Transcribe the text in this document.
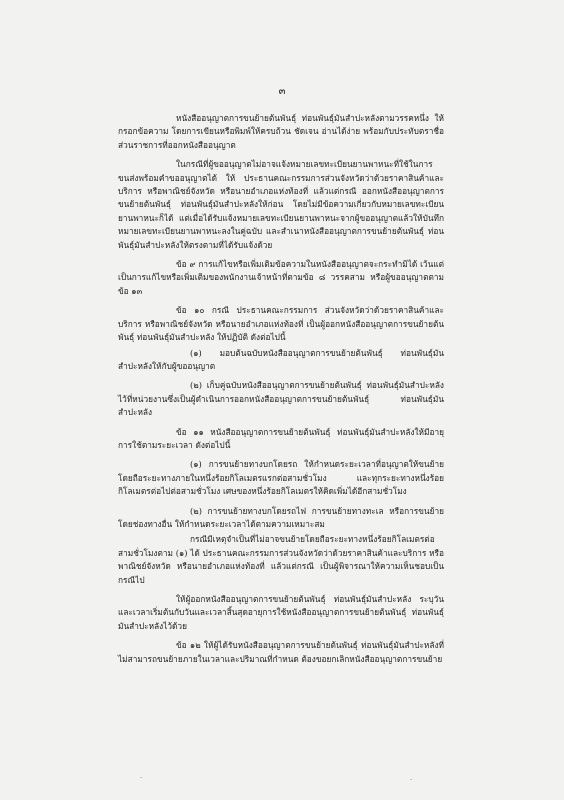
๓

หนังสืออนุญาตการขนย้ายต้นพันธุ์ ท่อนพันธุ์มันสำปะหลังตามวรรคหนึ่ง ให้กรอกข้อความ โดยการเขียนหรือพิมพ์ให้ครบถ้วน ชัดเจน อ่านได้ง่าย พร้อมกับประทับตราชื่อส่วนราชการที่ออกหนังสืออนุญาต

ในกรณีที่ผู้ขออนุญาตไม่อาจแจ้งหมายเลขทะเบียนยานพาหนะที่ใช้ในการขนส่งพร้อมคำขออนุญาตได้ ให้ ประธานคณะกรรมการส่วนจังหวัดว่าด้วยราคาสินค้าและบริการ หรือพาณิชย์จังหวัด หรือนายอำเภอแห่งท้องที่ แล้วแต่กรณี ออกหนังสืออนุญาตการขนย้ายต้นพันธุ์ ท่อนพันธุ์มันสำปะหลังให้ก่อน โดยไม่มีข้อความเกี่ยวกับหมายเลขทะเบียนยานพาหนะก็ได้ แต่เมื่อได้รับแจ้งหมายเลขทะเบียนยานพาหนะจากผู้ขออนุญาตแล้วให้บันทึกหมายเลขทะเบียนยานพาหนะลงในคู่ฉบับ และสำเนาหนังสืออนุญาตการขนย้ายต้นพันธุ์ ท่อนพันธุ์มันสำปะหลังให้ตรงตามที่ได้รับแจ้งด้วย

ข้อ ๙ การแก้ไขหรือเพิ่มเติมข้อความในหนังสืออนุญาตจะกระทำมิได้ เว้นแต่เป็นการแก้ไขหรือเพิ่มเติมของพนักงานเจ้าหน้าที่ตามข้อ ๘ วรรคสาม หรือผู้ขออนุญาตตามข้อ ๑๓

ข้อ ๑๐ กรณี ประธานคณะกรรมการ ส่วนจังหวัดว่าด้วยราคาสินค้าและบริการ หรือพาณิชย์จังหวัด หรือนายอำเภอแห่งท้องที่ เป็นผู้ออกหนังสืออนุญาตการขนย้ายต้นพันธุ์ ท่อนพันธุ์มันสำปะหลัง ให้ปฏิบัติ ดังต่อไปนี้

(๑) มอบต้นฉบับหนังสืออนุญาตการขนย้ายต้นพันธุ์ ท่อนพันธุ์มันสำปะหลังให้กับผู้ขออนุญาต

(๒) เก็บคู่ฉบับหนังสืออนุญาตการขนย้ายต้นพันธุ์ ท่อนพันธุ์มันสำปะหลัง ไว้ที่หน่วยงานซึ่งเป็นผู้ดำเนินการออกหนังสืออนุญาตการขนย้ายต้นพันธุ์ ท่อนพันธุ์มันสำปะหลัง

ข้อ ๑๑ หนังสืออนุญาตการขนย้ายต้นพันธุ์ ท่อนพันธุ์มันสำปะหลังให้มีอายุการใช้ตามระยะเวลา ดังต่อไปนี้

(๑) การขนย้ายทางบกโดยรถ ให้กำหนดระยะเวลาที่อนุญาตให้ขนย้าย โดยถือระยะทางภายในหนึ่งร้อยกิโลเมตรแรกต่อสามชั่วโมง และทุกระยะทางหนึ่งร้อยกิโลเมตรต่อไปต่อสามชั่วโมง เศษของหนึ่งร้อยกิโลเมตรให้คิดเพิ่มได้อีกสามชั่วโมง

(๒) การขนย้ายทางบกโดยรถไฟ การขนย้ายทางทะเล หรือการขนย้ายโดยช่องทางอื่น ให้กำหนดระยะเวลาได้ตามความเหมาะสม

กรณีมีเหตุจำเป็นที่ไม่อาจขนย้ายโดยถือระยะทางหนึ่งร้อยกิโลเมตรต่อสามชั่วโมงตาม (๑) ได้ ประธานคณะกรรมการส่วนจังหวัดว่าด้วยราคาสินค้าและบริการ หรือพาณิชย์จังหวัด หรือนายอำเภอแห่งท้องที่ แล้วแต่กรณี เป็นผู้พิจารณาให้ความเห็นชอบเป็นกรณีไป

ให้ผู้ออกหนังสืออนุญาตการขนย้ายต้นพันธุ์ ท่อนพันธุ์มันสำปะหลัง ระบุวันและเวลาเริ่มต้นกับวันและเวลาสิ้นสุดอายุการใช้หนังสืออนุญาตการขนย้ายต้นพันธุ์ ท่อนพันธุ์มันสำปะหลังไว้ด้วย

ข้อ ๑๒ ให้ผู้ได้รับหนังสืออนุญาตการขนย้ายต้นพันธุ์ ท่อนพันธุ์มันสำปะหลังที่ไม่สามารถขนย้ายภายในเวลาและปริมาณที่กำหนด ต้องขอยกเลิกหนังสืออนุญาตการขนย้าย

.	·
